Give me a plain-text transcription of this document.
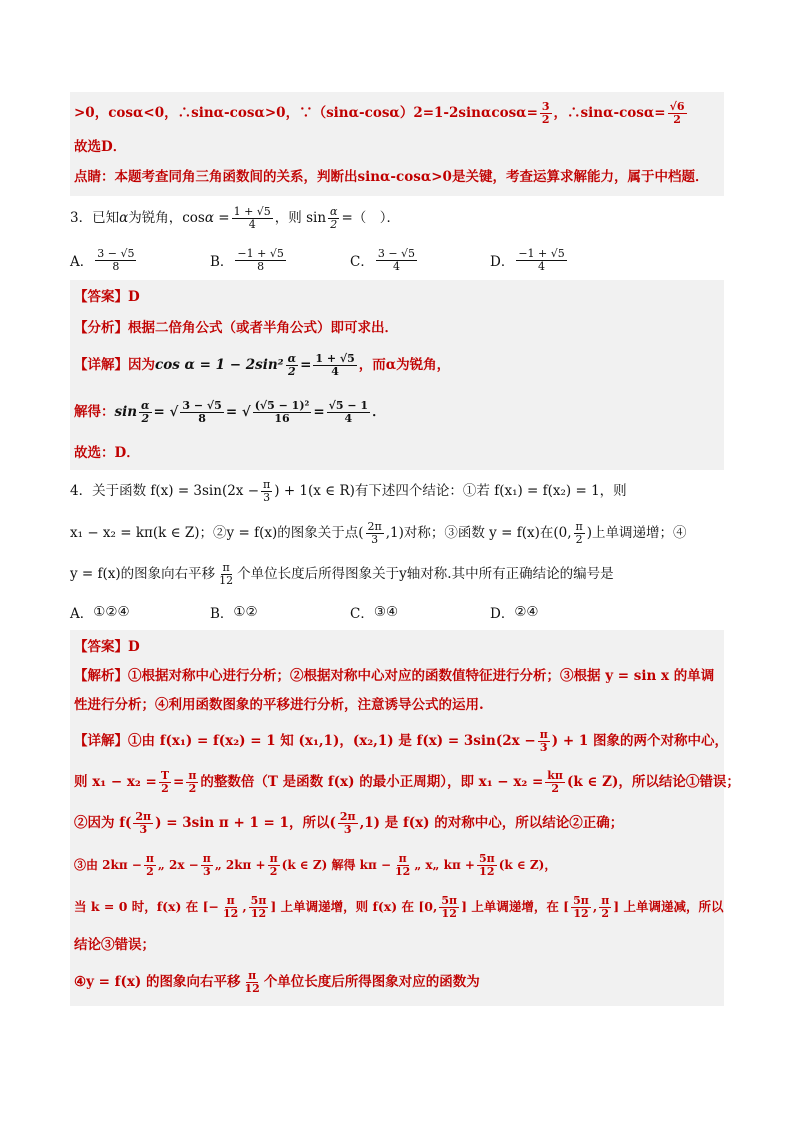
>0，cosα<0，∴sinα-cosα>0，∵（sinα-cosα）2=1-2sinαcosα= $\frac{3}{2}$ ，∴sinα-cosα= $\frac{√6}{2}$
故选D．
点睛：本题考查同角三角函数间的关系，判断出sinα-cosα>0是关键，考查运算求解能力，属于中档题．
3．已知 α 为锐角，$\cos \alpha = \frac{1 + √5}{4}$ ，则 $\sin \frac{\alpha}{2}$ =（　）．
A． $\frac{3 - √5}{8}$	B． $\frac{-1 + √5}{8}$	C． $\frac{3 - √5}{4}$	D． $\frac{-1 + √5}{4}$
【答案】D
【分析】根据二倍角公式（或者半角公式）即可求出．
【详解】因为 $\cos \alpha = 1 - 2\sin^2 \frac{\alpha}{2} = \frac{1 + √5}{4}$ ，而α为锐角，
解得： $\sin \frac{\alpha}{2}$ = √ $\frac{3 - √5}{8}$ = √ $\frac{\text{(√5 − 1)²}}{16} = \frac{√5 - 1}{4}$ ．
故选：D．
4．关于函数 $f(x) = 3\sin(2x - \frac{\pi}{3}$ ) + 1(x ∈ R)有下述四个结论：①若 f(x₁) = f(x₂) = 1，则
x₁ − x₂ = kπ(k ∈ Z)；②y = f(x)的图象关于点( $\frac{2\pi}{3} ,1$)对称；③函数 y = f(x)在(0, $\frac{\pi}{2}$ )上单调递增；④
y = f(x)的图象向右平移 $\frac{\pi}{12}$ 个单位长度后所得图象关于y轴对称.其中所有正确结论的编号是
A． ①②④	B． ①②	C． ③④	D． ②④
【答案】D
【解析】①根据对称中心进行分析；②根据对称中心对应的函数值特征进行分析；③根据 y = sin x 的单调
性进行分析；④利用函数图象的平移进行分析，注意诱导公式的运用.
【详解】①由 f(x₁) = f(x₂) = 1 知 (x₁,1)，(x₂,1) 是 $f(x) = 3\sin(2x - \frac{\pi}{3}$ ) + 1 图象的两个对称中心，
则 $x_1 - x_2 = \frac{T}{2} = \frac{\pi}{2}$ 的整数倍（T 是函数 f(x) 的最小正周期），即 $x_1 - x_2 = \frac{k\pi}{2} (k$ ∈ Z)，所以结论①错误；
②因为 $f( \frac{2\pi}{3}$ ) = 3sin π + 1 = 1，所以( $\frac{2\pi}{3} ,1$) 是 f(x) 的对称中心，所以结论②正确；
③由 $2k\pi - \frac{\pi}{2}$ „ $2x - \frac{\pi}{3}$ „ $2k\pi + \frac{\pi}{2} (k$ ∈ Z) 解得 $k\pi - \frac{\pi}{12}$ „ x„ $k\pi + \frac{5\pi}{12} (k$ ∈ Z)，
当 k = 0 时，f(x) 在 [− $\frac{\pi}{12}$ , $\frac{5\pi}{12}$ ] 上单调递增，则 f(x) 在 [0, $\frac{5\pi}{12}$ ] 上单调递增，在 [ $\frac{5\pi}{12}$ , $\frac{\pi}{2}$ ] 上单调递减，所以
结论③错误；
④y = f(x) 的图象向右平移 $\frac{\pi}{12}$ 个单位长度后所得图象对应的函数为
